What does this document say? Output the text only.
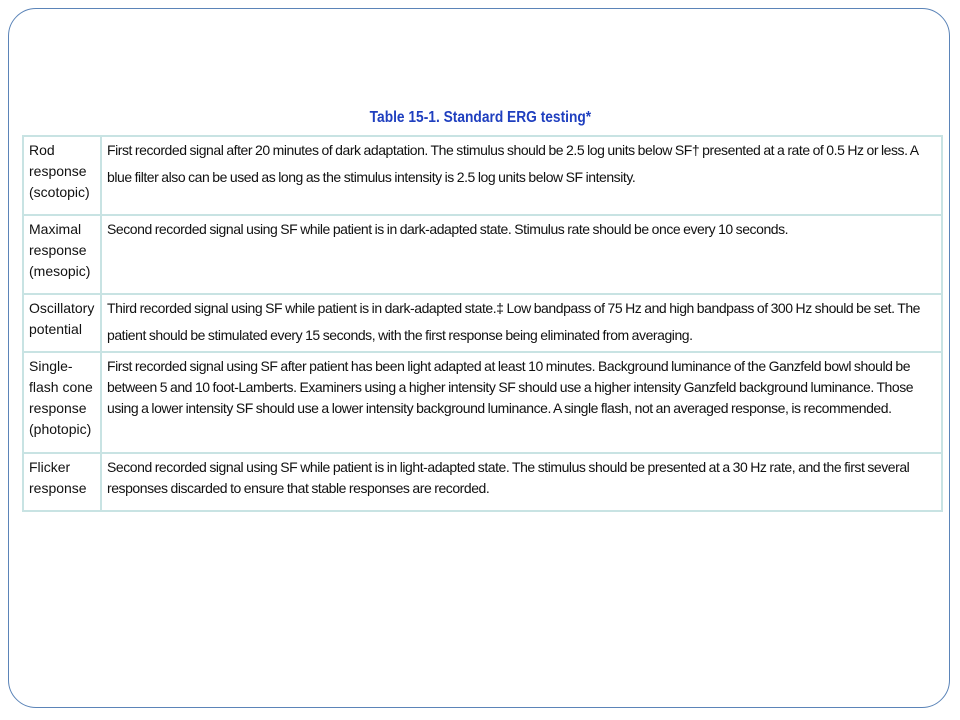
Table 15-1. Standard ERG testing*
Rod response (scotopic)	First recorded signal after 20 minutes of dark adaptation. The stimulus should be 2.5 log units below SF† presented at a rate of 0.5 Hz or less. A blue filter also can be used as long as the stimulus intensity is 2.5 log units below SF intensity.
Maximal response (mesopic)	Second recorded signal using SF while patient is in dark-adapted state. Stimulus rate should be once every 10 seconds.
Oscillatory potential	Third recorded signal using SF while patient is in dark-adapted state.‡ Low bandpass of 75 Hz and high bandpass of 300 Hz should be set. The patient should be stimulated every 15 seconds, with the first response being eliminated from averaging.
Single-flash cone response (photopic)	First recorded signal using SF after patient has been light adapted at least 10 minutes. Background luminance of the Ganzfeld bowl should be between 5 and 10 foot-Lamberts. Examiners using a higher intensity SF should use a higher intensity Ganzfeld background luminance. Those using a lower intensity SF should use a lower intensity background luminance. A single flash, not an averaged response, is recommended.
Flicker response	Second recorded signal using SF while patient is in light-adapted state. The stimulus should be presented at a 30 Hz rate, and the first several responses discarded to ensure that stable responses are recorded.
